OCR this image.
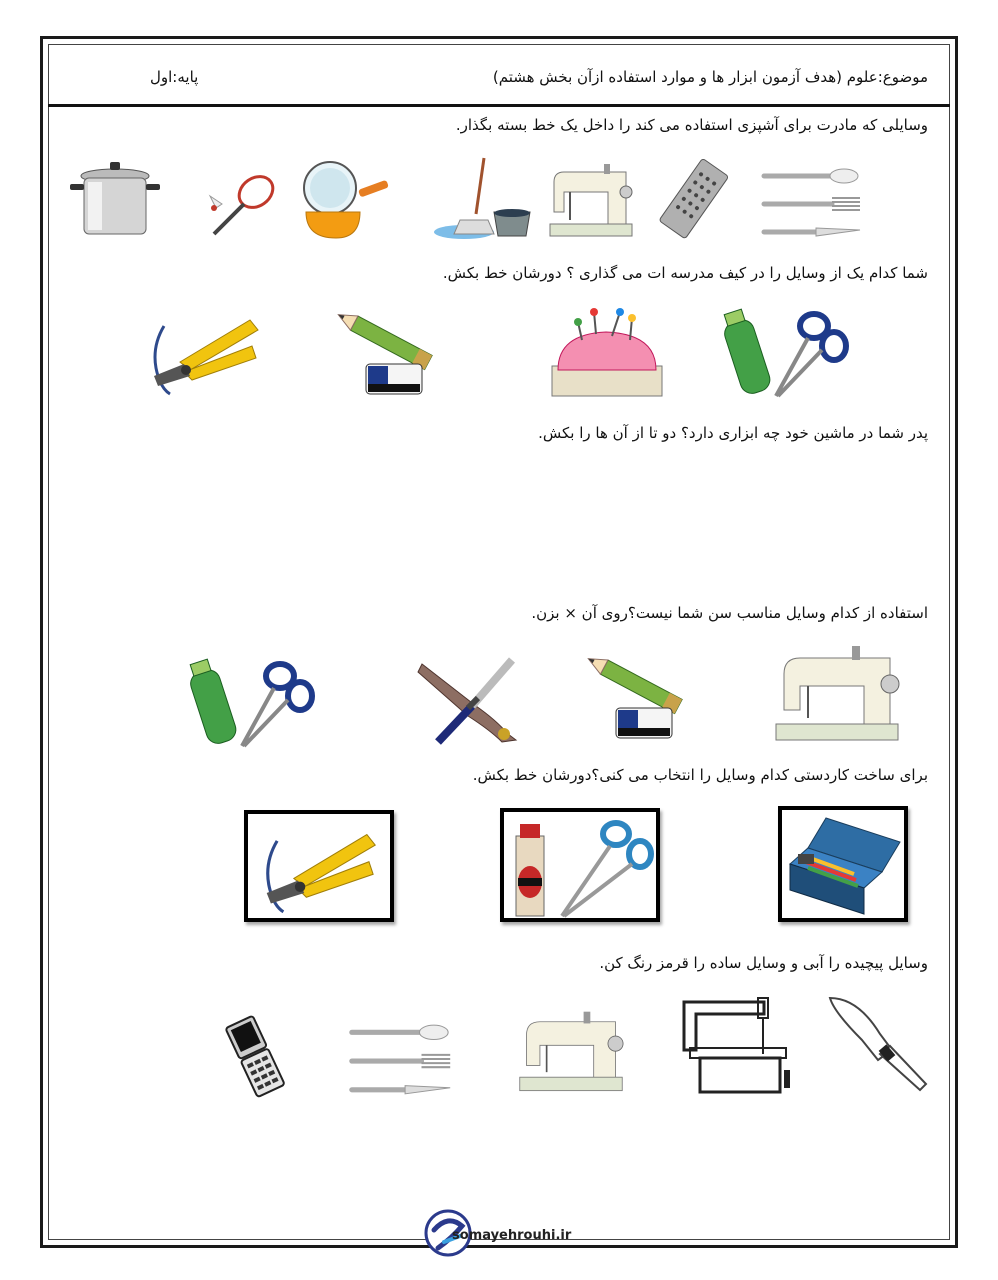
موضوع:علوم (هدف آزمون ابزار ها و موارد استفاده ازآن بخش هشتم)
پایه:اول
وسایلی که مادرت برای آشپزی استفاده می کند را داخل یک خط بسته بگذار.
شما کدام یک از وسایل را در کیف مدرسه ات می گذاری ؟ دورشان خط بکش.
پدر شما در ماشین خود چه ابزاری دارد؟ دو تا از آن ها را بکش.
استفاده از کدام وسایل مناسب سن شما نیست؟روی آن × بزن.
برای ساخت کاردستی کدام وسایل را انتخاب می کنی؟دورشان خط بکش.
وسایل پیچیده را آبی و وسایل ساده را قرمز رنگ کن.
somayehrouhi.ir
